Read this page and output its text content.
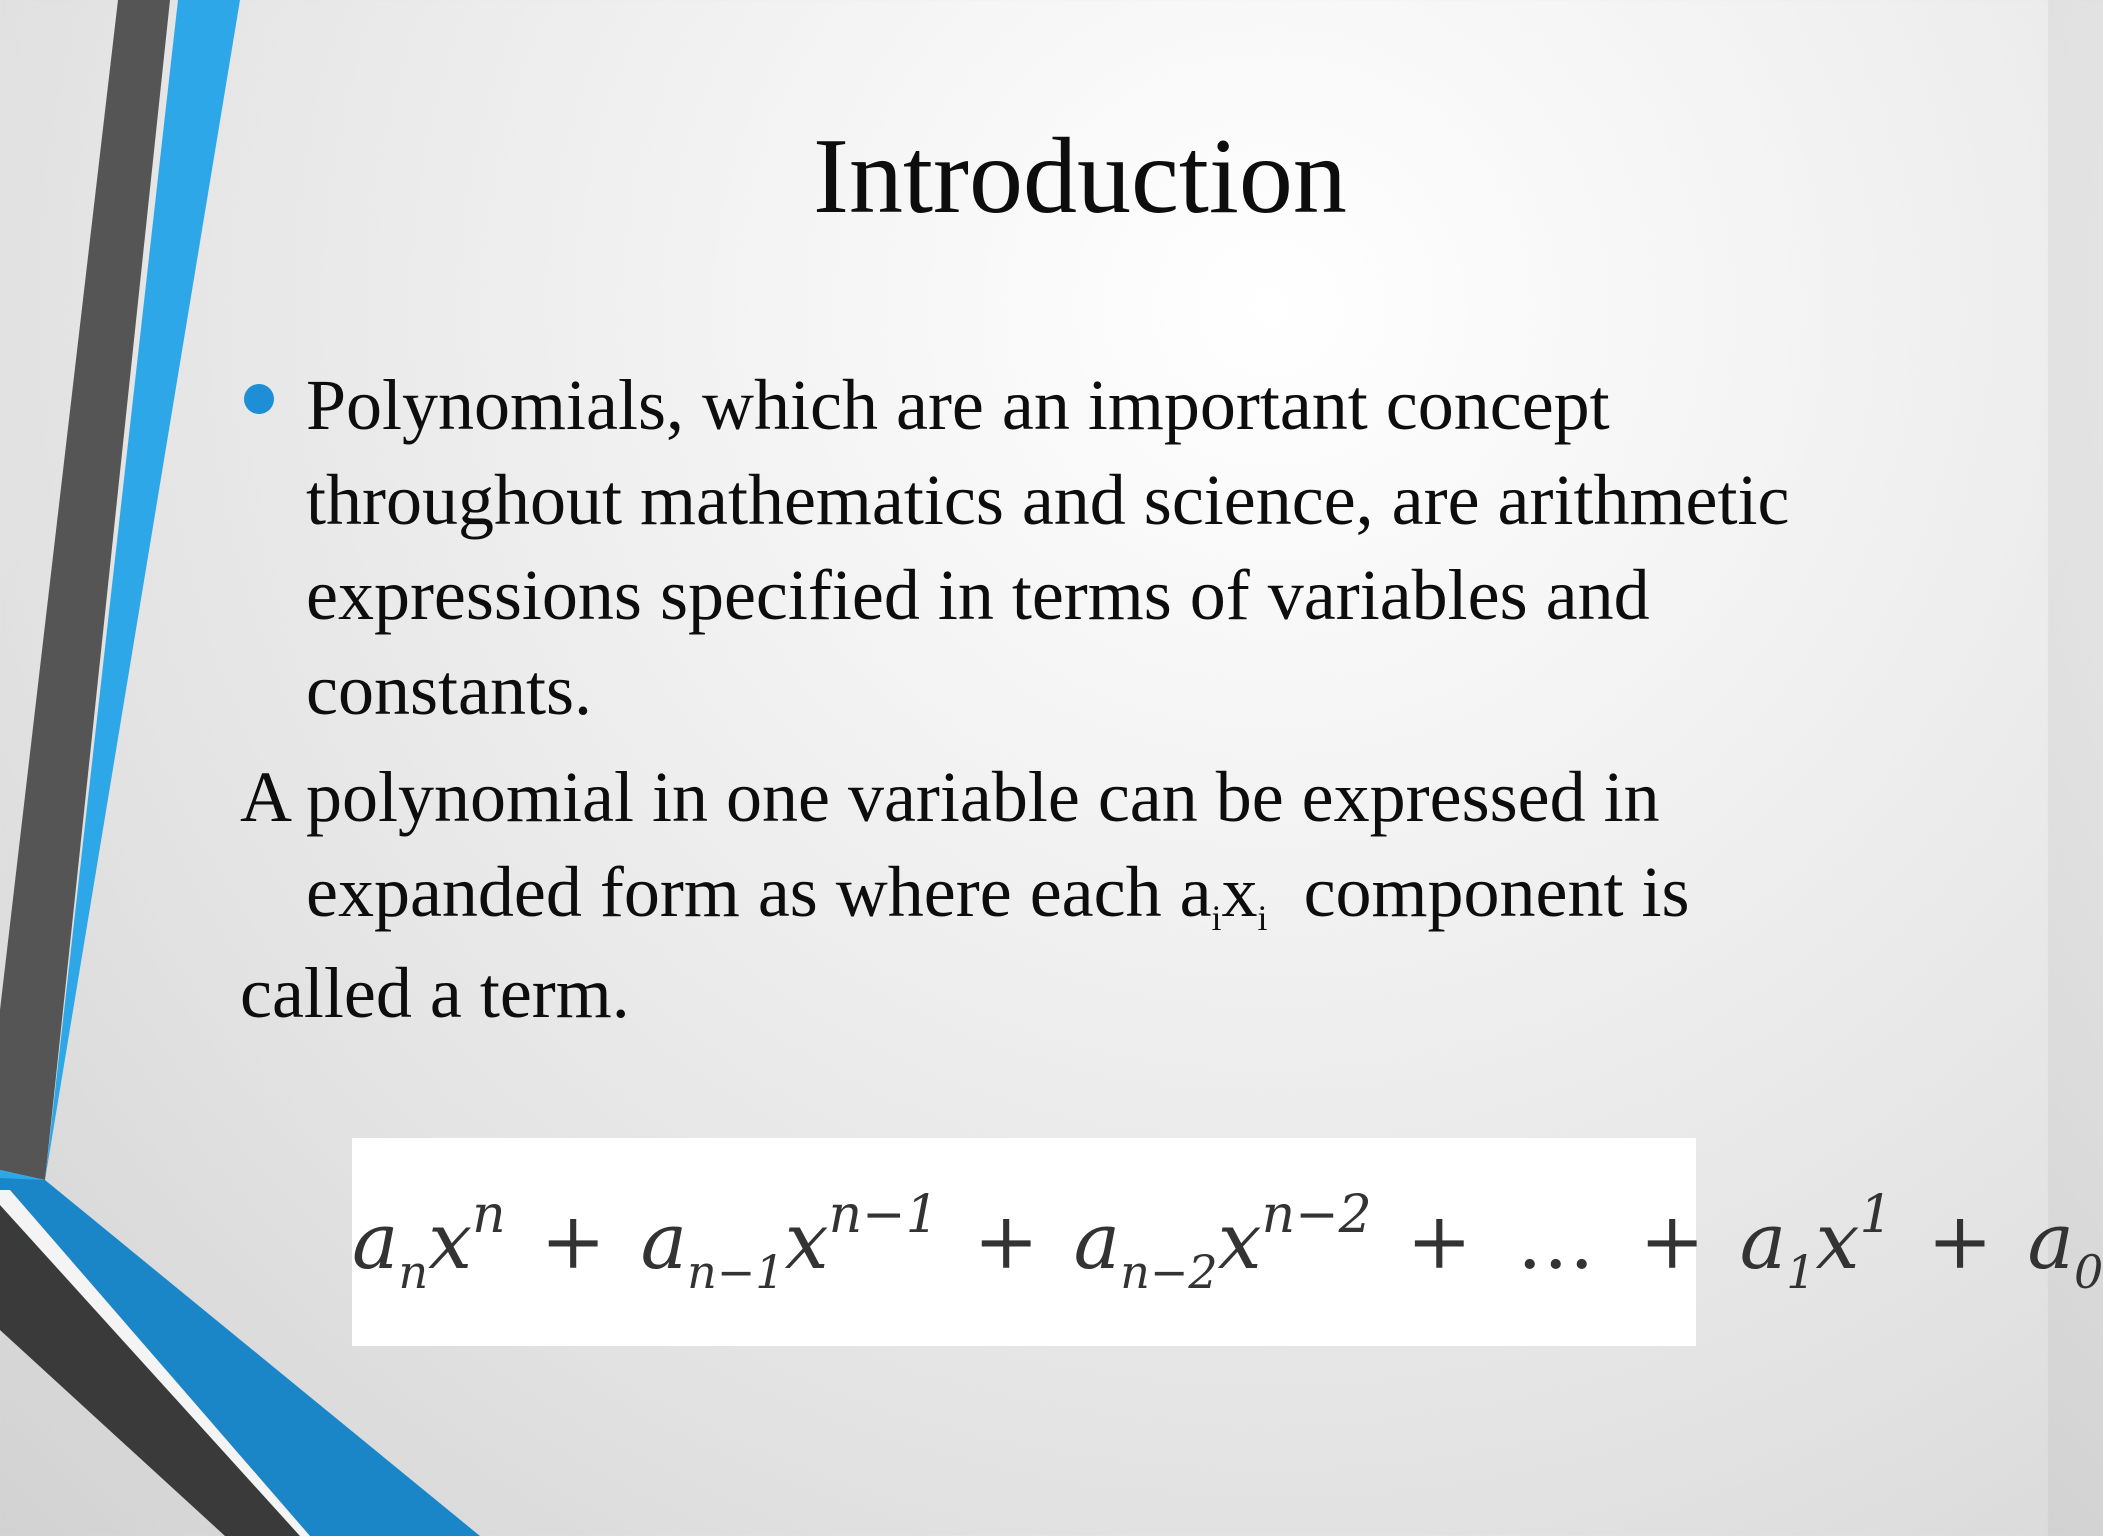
Introduction
Polynomials, which are an important concept throughout mathematics and science, are arithmetic expressions specified in terms of variables and constants.
A polynomial in one variable can be expressed in expanded form as where each $a_ix_i$  component is
called a term.
$a_nx^n + a_{n-1}x^{n-1} + a_{n-2}x^{n-2}$ + … + $a_1x^1 + a_0$
